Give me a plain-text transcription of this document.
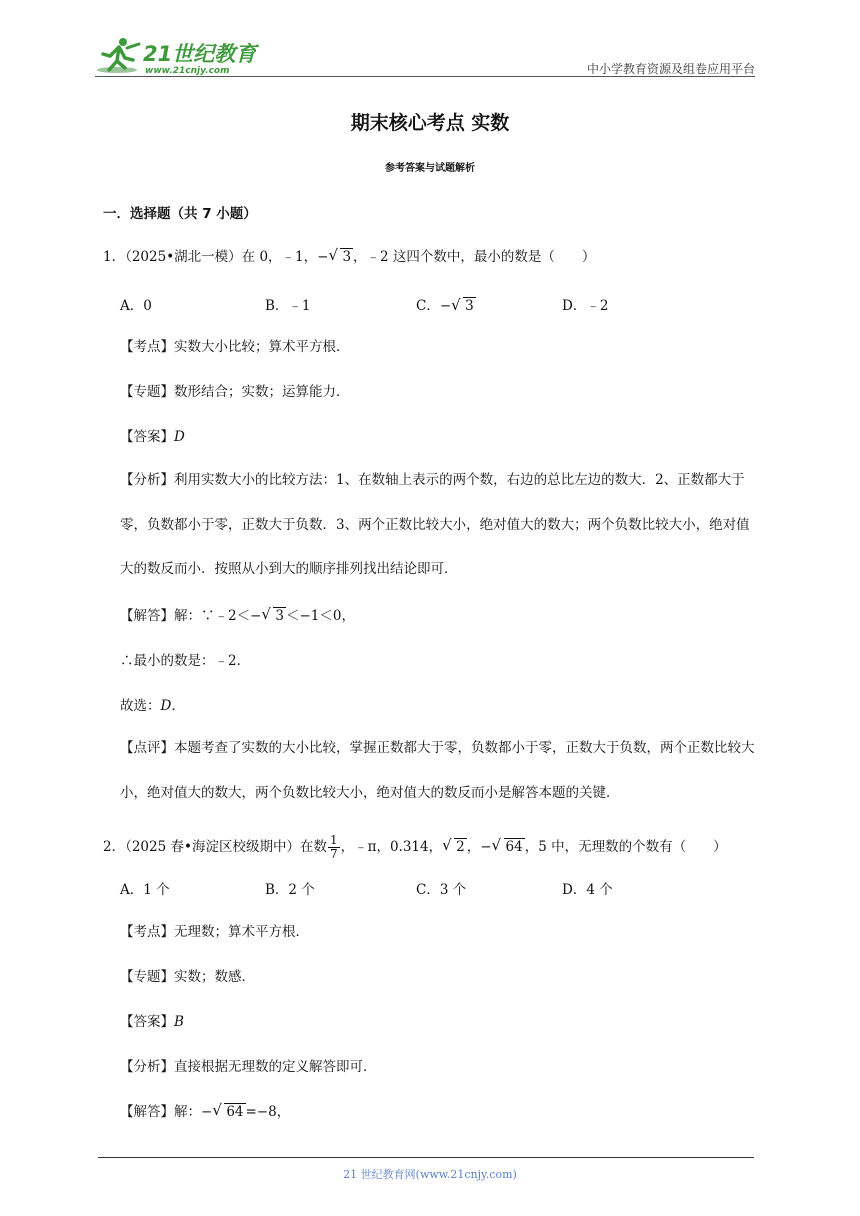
21世纪教育
www.21cnjy.com	中小学教育资源及组卷应用平台
期末核心考点 实数
参考答案与试题解析
一．选择题（共 7 小题）
1．（2025•湖北一模）在 0，﹣1，− √ 3 ，﹣2 这四个数中，最小的数是（　　）
A．0	B．﹣1	C．− √ 3	D．﹣2
【考点】实数大小比较；算术平方根．
【专题】数形结合；实数；运算能力．
【答案】D
【分析】利用实数大小的比较方法：1、在数轴上表示的两个数，右边的总比左边的数大．2、正数都大于零，负数都小于零，正数大于负数．3、两个正数比较大小，绝对值大的数大；两个负数比较大小，绝对值大的数反而小．按照从小到大的顺序排列找出结论即可．
【解答】解：∵﹣2＜− √ 3 ＜−1＜0，
∴最小的数是：﹣2．
故选：D．
【点评】本题考查了实数的大小比较，掌握正数都大于零，负数都小于零，正数大于负数，两个正数比较大小，绝对值大的数大，两个负数比较大小，绝对值大的数反而小是解答本题的关键．
2．（2025 春•海淀区校级期中）在数 $\frac{1}{7}$ ，﹣π，0.314， √ 2 ，− √ 64 ，5 中，无理数的个数有（　　）
A．1 个	B．2 个	C．3 个	D．4 个
【考点】无理数；算术平方根．
【专题】实数；数感．
【答案】B
【分析】直接根据无理数的定义解答即可．
【解答】解：− √ 64 =−8，
21 世纪教育网(www.21cnjy.com)
